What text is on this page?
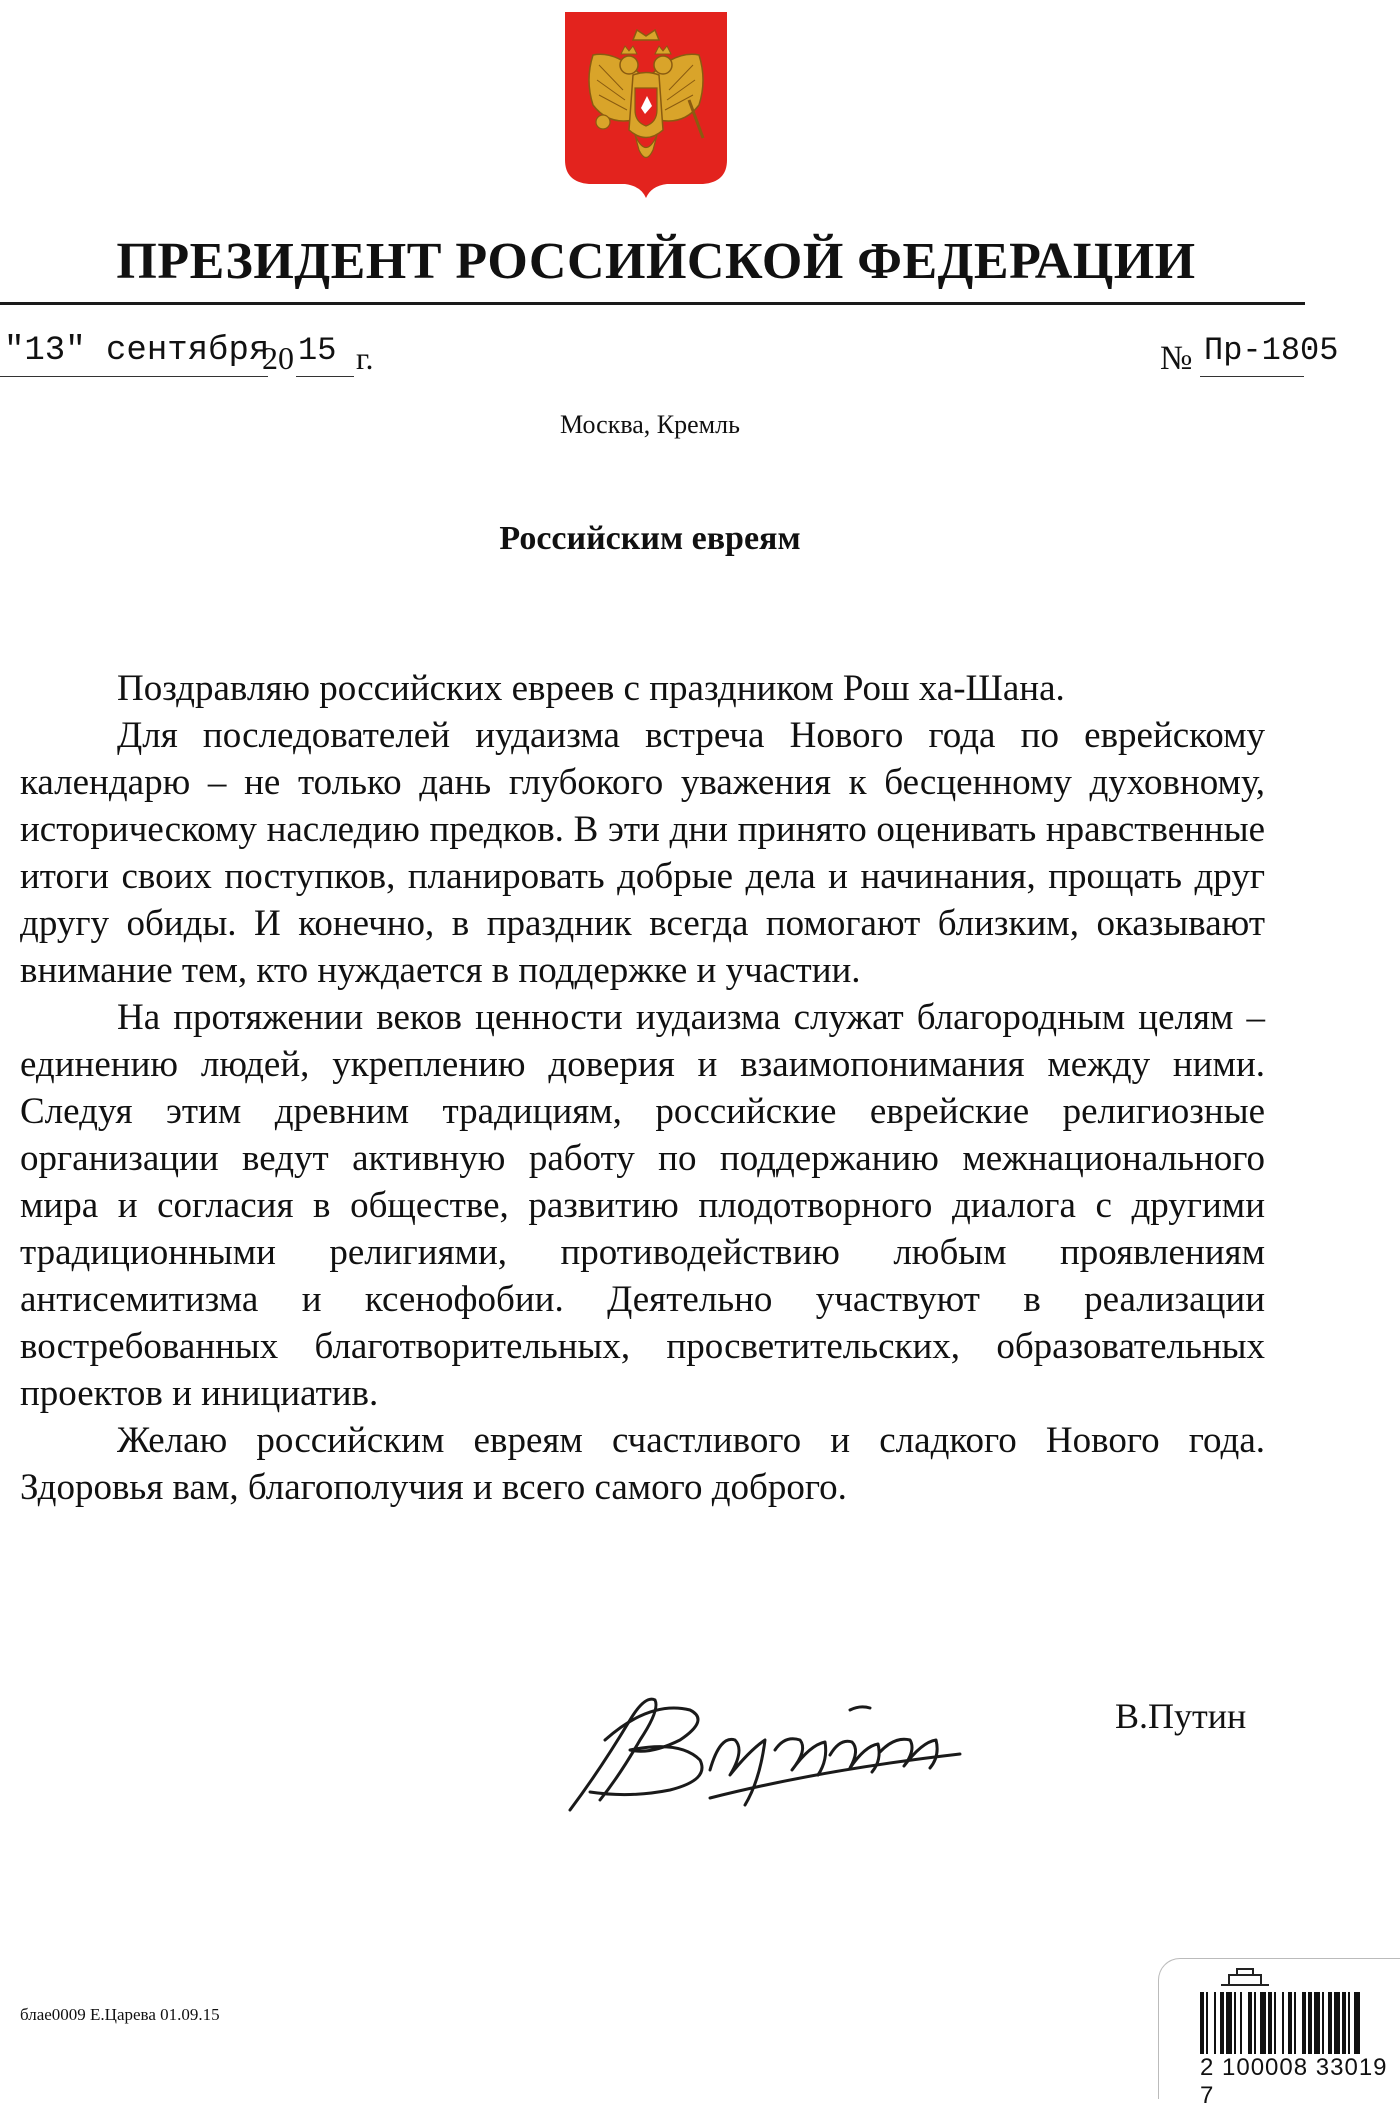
ПРЕЗИДЕНТ РОССИЙСКОЙ ФЕДЕРАЦИИ
"13" сентября
20 15 г.	№ Пр-1805
Москва, Кремль
Российским евреям

Поздравляю российских евреев с праздником Рош ха-Шана.

Для последователей иудаизма встреча Нового года по еврейскому календарю – не только дань глубокого уважения к бесценному духовному, историческому наследию предков. В эти дни принято оценивать нравственные итоги своих поступков, планировать добрые дела и начинания, прощать друг другу обиды. И конечно, в праздник всегда помогают близким, оказывают внимание тем, кто нуждается в поддержке и участии.

На протяжении веков ценности иудаизма служат благородным целям – единению людей, укреплению доверия и взаимопонимания между ними. Следуя этим древним традициям, российские еврейские религиозные организации ведут активную работу по поддержанию межнационального мира и согласия в обществе, развитию плодотворного диалога с другими традиционными религиями, противодействию любым проявлениям антисемитизма и ксенофобии. Деятельно участвуют в реализации востребованных благотворительных, просветительских, образовательных проектов и инициатив.

Желаю российским евреям счастливого и сладкого Нового года. Здоровья вам, благополучия и всего самого доброго.

В.Путин
блае0009 Е.Царева 01.09.15
2 100008 33019 7
